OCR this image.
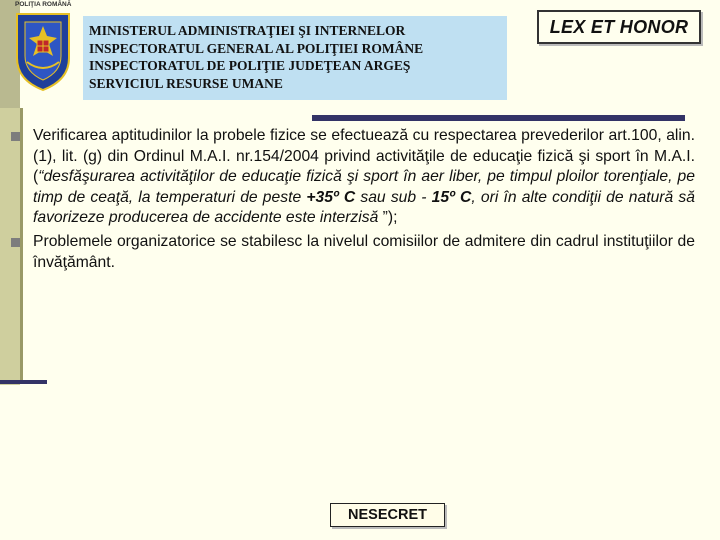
POLIŢIA ROMÂNĂ
MINISTERUL ADMINISTRAŢIEI ŞI INTERNELOR
INSPECTORATUL GENERAL AL POLIŢIEI ROMÂNE
INSPECTORATUL DE POLIŢIE JUDEŢEAN ARGEŞ
SERVICIUL RESURSE UMANE
LEX ET HONOR
Verificarea aptitudinilor la probele fizice se efectuează cu respectarea prevederilor art.100, alin. (1), lit. (g) din Ordinul M.A.I. nr.154/2004 privind activităţile de educaţie fizică şi sport în M.A.I. (“desfăşurarea activităţilor de educaţie fizică şi sport în aer liber, pe timpul ploilor torenţiale, pe timp de ceaţă, la temperaturi de peste +35º C sau sub - 15º C, ori în alte condiţii de natură să favorizeze producerea de accidente este interzisă ”);
Problemele organizatorice se stabilesc la nivelul comisiilor de admitere din cadrul instituţiilor de învăţământ.
NESECRET
